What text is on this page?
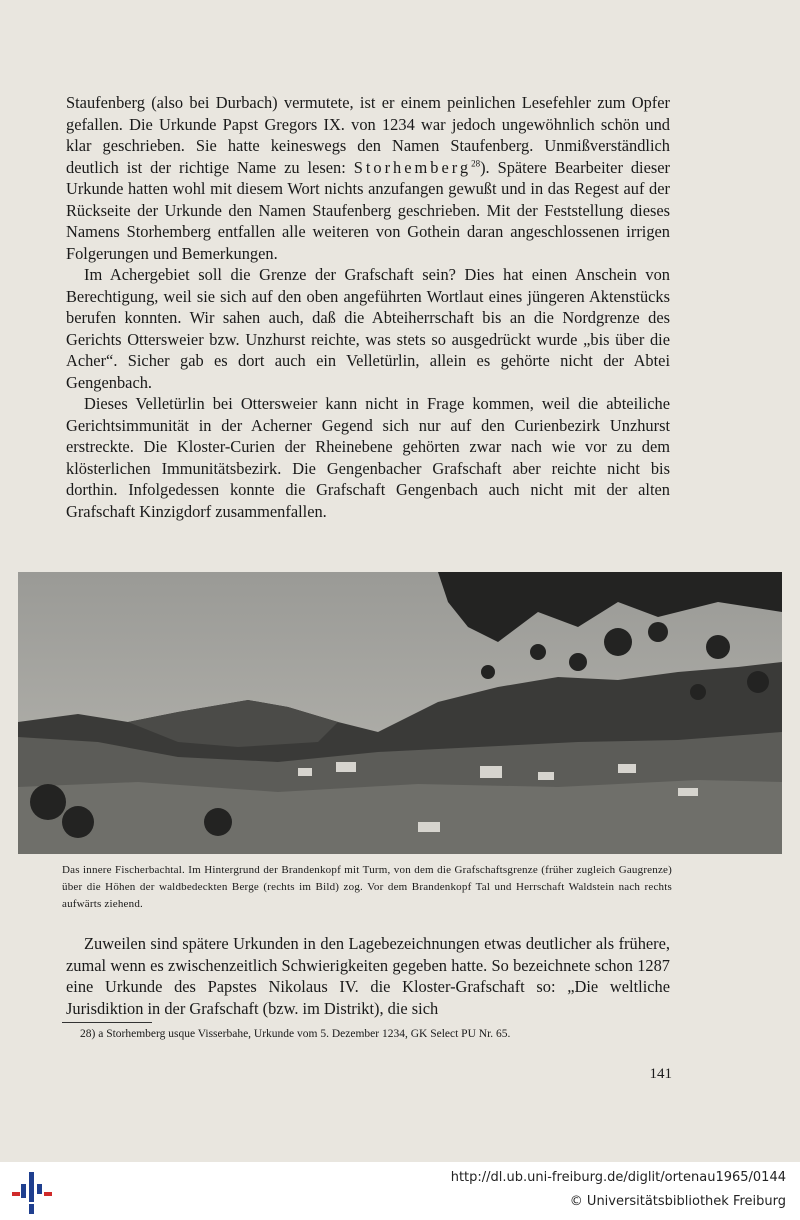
Staufenberg (also bei Durbach) vermutete, ist er einem peinlichen Lesefehler zum Opfer gefallen. Die Urkunde Papst Gregors IX. von 1234 war jedoch ungewöhnlich schön und klar geschrieben. Sie hatte keineswegs den Namen Staufenberg. Unmißverständlich deutlich ist der richtige Name zu lesen: Storhemberg$^{28}$). Spätere Bearbeiter dieser Urkunde hatten wohl mit diesem Wort nichts anzufangen gewußt und in das Regest auf der Rückseite der Urkunde den Namen Staufenberg geschrieben. Mit der Feststellung dieses Namens Storhemberg entfallen alle weiteren von Gothein daran angeschlossenen irrigen Folgerungen und Bemerkungen.

Im Achergebiet soll die Grenze der Grafschaft sein? Dies hat einen Anschein von Berechtigung, weil sie sich auf den oben angeführten Wortlaut eines jüngeren Aktenstücks berufen konnten. Wir sahen auch, daß die Abteiherrschaft bis an die Nordgrenze des Gerichts Ottersweier bzw. Unzhurst reichte, was stets so ausgedrückt wurde „bis über die Acher“. Sicher gab es dort auch ein Velletürlin, allein es gehörte nicht der Abtei Gengenbach.

Dieses Velletürlin bei Ottersweier kann nicht in Frage kommen, weil die abteiliche Gerichtsimmunität in der Acherner Gegend sich nur auf den Curienbezirk Unzhurst erstreckte. Die Kloster-Curien der Rheinebene gehörten zwar nach wie vor zu dem klösterlichen Immunitätsbezirk. Die Gengenbacher Grafschaft aber reichte nicht bis dorthin. Infolgedessen konnte die Grafschaft Gengenbach auch nicht mit der alten Grafschaft Kinzigdorf zusammenfallen.

Das innere Fischerbachtal. Im Hintergrund der Brandenkopf mit Turm, von dem die Grafschaftsgrenze (früher zugleich Gaugrenze) über die Höhen der waldbedeckten Berge (rechts im Bild) zog. Vor dem Brandenkopf Tal und Herrschaft Waldstein nach rechts aufwärts ziehend.

Zuweilen sind spätere Urkunden in den Lagebezeichnungen etwas deutlicher als frühere, zumal wenn es zwischenzeitlich Schwierigkeiten gegeben hatte. So bezeichnete schon 1287 eine Urkunde des Papstes Nikolaus IV. die Kloster-Grafschaft so: „Die weltliche Jurisdiktion in der Grafschaft (bzw. im Distrikt), die sich

28) a Storhemberg usque Visserbahe, Urkunde vom 5. Dezember 1234, GK Select PU Nr. 65.
141
http://dl.ub.uni-freiburg.de/diglit/ortenau1965/0144
© Universitätsbibliothek Freiburg
